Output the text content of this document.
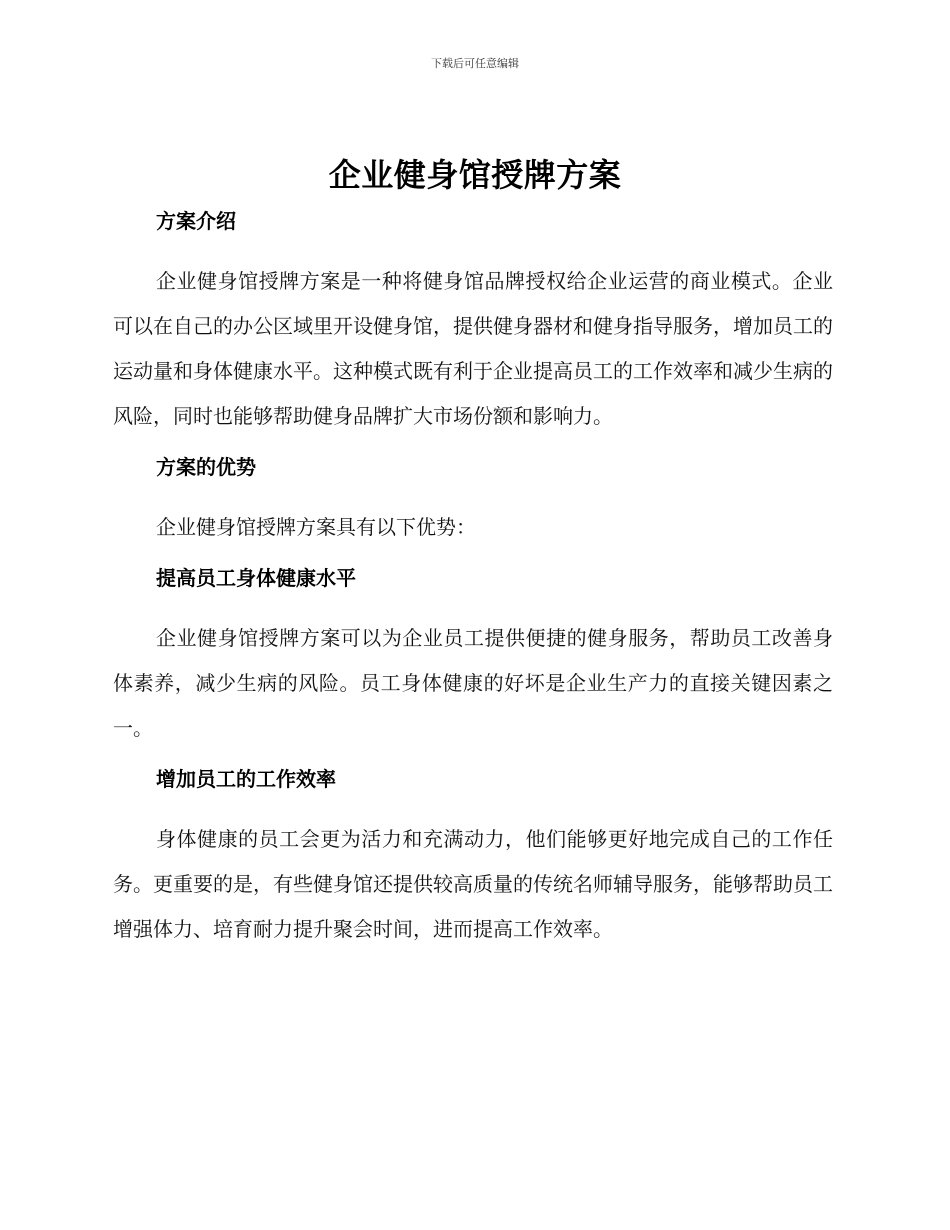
下载后可任意编辑
企业健身馆授牌方案
方案介绍

企业健身馆授牌方案是一种将健身馆品牌授权给企业运营的商业模式。企业可以在自己的办公区域里开设健身馆，提供健身器材和健身指导服务，增加员工的运动量和身体健康水平。这种模式既有利于企业提高员工的工作效率和减少生病的风险，同时也能够帮助健身品牌扩大市场份额和影响力。

方案的优势

企业健身馆授牌方案具有以下优势：

提高员工身体健康水平

企业健身馆授牌方案可以为企业员工提供便捷的健身服务，帮助员工改善身体素养，减少生病的风险。员工身体健康的好坏是企业生产力的直接关键因素之一。

增加员工的工作效率

身体健康的员工会更为活力和充满动力，他们能够更好地完成自己的工作任务。更重要的是，有些健身馆还提供较高质量的传统名师辅导服务，能够帮助员工增强体力、培育耐力提升聚会时间，进而提高工作效率。
